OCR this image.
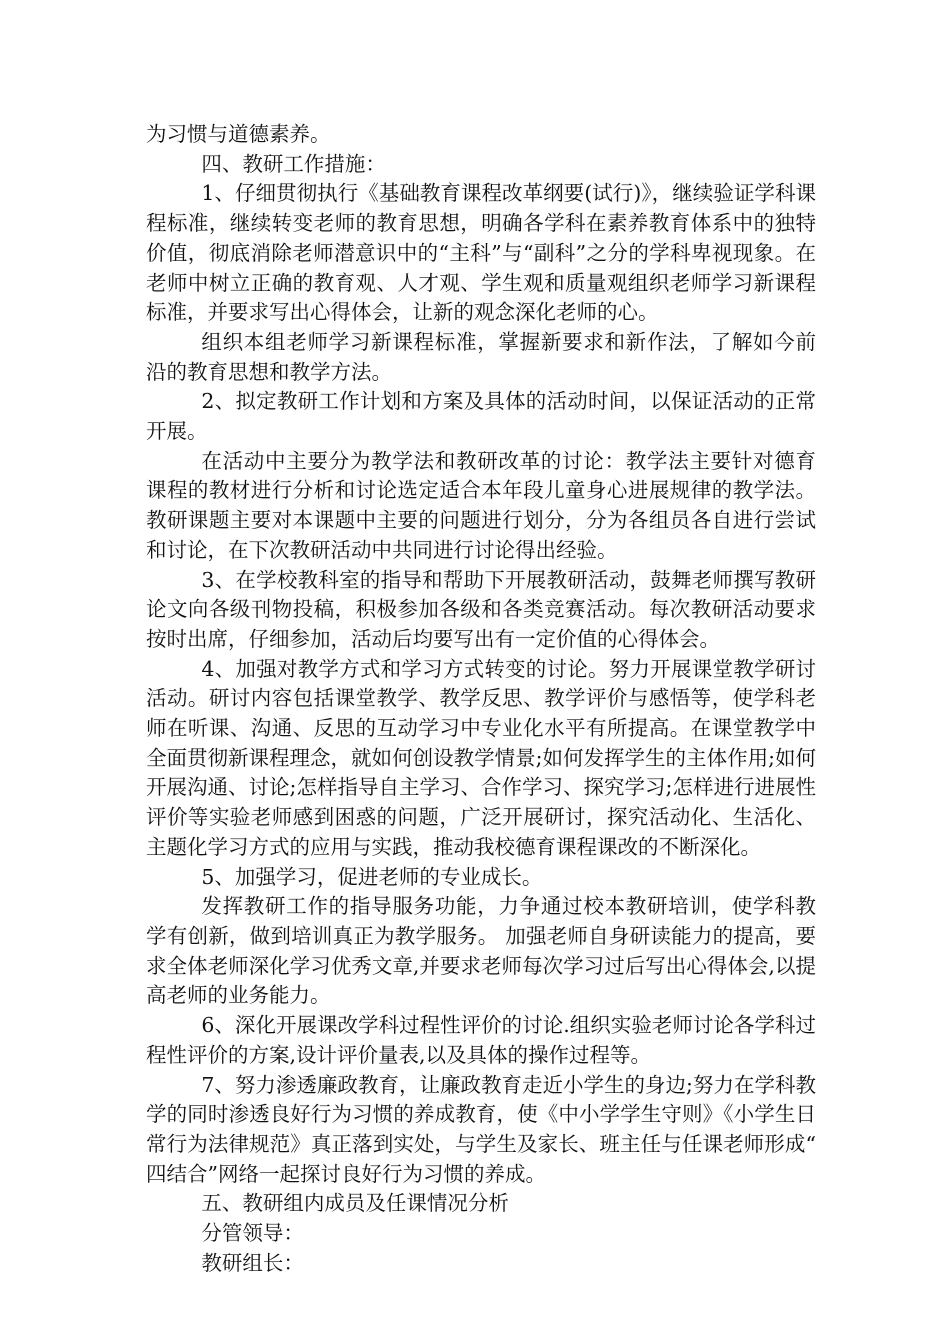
为习惯与道德素养。

四、教研工作措施：

1、仔细贯彻执行《基础教育课程改革纲要(试行)》，继续验证学科课程标准，继续转变老师的教育思想，明确各学科在素养教育体系中的独特价值，彻底消除老师潜意识中的“主科”与“副科”之分的学科卑视现象。在老师中树立正确的教育观、人才观、学生观和质量观组织老师学习新课程标准，并要求写出心得体会，让新的观念深化老师的心。

组织本组老师学习新课程标准，掌握新要求和新作法，了解如今前沿的教育思想和教学方法。

2、拟定教研工作计划和方案及具体的活动时间，以保证活动的正常开展。

在活动中主要分为教学法和教研改革的讨论：教学法主要针对德育课程的教材进行分析和讨论选定适合本年段儿童身心进展规律的教学法。教研课题主要对本课题中主要的问题进行划分，分为各组员各自进行尝试和讨论，在下次教研活动中共同进行讨论得出经验。

3、在学校教科室的指导和帮助下开展教研活动，鼓舞老师撰写教研论文向各级刊物投稿，积极参加各级和各类竞赛活动。每次教研活动要求按时出席，仔细参加，活动后均要写出有一定价值的心得体会。

4、加强对教学方式和学习方式转变的讨论。努力开展课堂教学研讨活动。研讨内容包括课堂教学、教学反思、教学评价与感悟等，使学科老师在听课、沟通、反思的互动学习中专业化水平有所提高。在课堂教学中全面贯彻新课程理念，就如何创设教学情景;如何发挥学生的主体作用;如何开展沟通、讨论;怎样指导自主学习、合作学习、探究学习;怎样进行进展性评价等实验老师感到困惑的问题，广泛开展研讨，探究活动化、生活化、主题化学习方式的应用与实践，推动我校德育课程课改的不断深化。

5、加强学习，促进老师的专业成长。

发挥教研工作的指导服务功能，力争通过校本教研培训，使学科教学有创新，做到培训真正为教学服务。 加强老师自身研读能力的提高，要求全体老师深化学习优秀文章,并要求老师每次学习过后写出心得体会,以提高老师的业务能力。

6、深化开展课改学科过程性评价的讨论.组织实验老师讨论各学科过程性评价的方案,设计评价量表,以及具体的操作过程等。

7、努力渗透廉政教育，让廉政教育走近小学生的身边;努力在学科教学的同时渗透良好行为习惯的养成教育，使《中小学学生守则》《小学生日常行为法律规范》真正落到实处，与学生及家长、班主任与任课老师形成“四结合”网络一起探讨良好行为习惯的养成。

五、教研组内成员及任课情况分析

分管领导：

教研组长：
